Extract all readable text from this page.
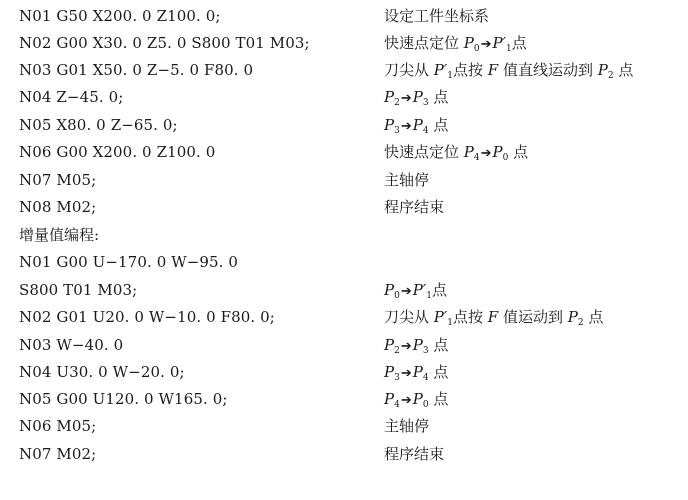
N01 G50 X200. 0 Z100. 0;	设定工件坐标系
N02 G00 X30. 0 Z5. 0 S800 T01 M03;	快速点定位 $P_0➔P'_1$点
N03 G01 X50. 0 Z−5. 0 F80. 0	刀尖从 $P'_1$点按 F 值直线运动到 $P_2$ 点
N04 Z−45. 0;	$P_2➔P_3$ 点
N05 X80. 0 Z−65. 0;	$P_3➔P_4$ 点
N06 G00 X200. 0 Z100. 0	快速点定位 $P_4➔P_0$ 点
N07 M05;	主轴停
N08 M02;	程序结束
增量值编程:
N01 G00 U−170. 0 W−95. 0
S800 T01 M03;	$P_0➔P'_1$点
N02 G01 U20. 0 W−10. 0 F80. 0;	刀尖从 $P'_1$点按 F 值运动到 $P_2$ 点
N03 W−40. 0	$P_2➔P_3$ 点
N04 U30. 0 W−20. 0;	$P_3➔P_4$ 点
N05 G00 U120. 0 W165. 0;	$P_4➔P_0$ 点
N06 M05;	主轴停
N07 M02;	程序结束
